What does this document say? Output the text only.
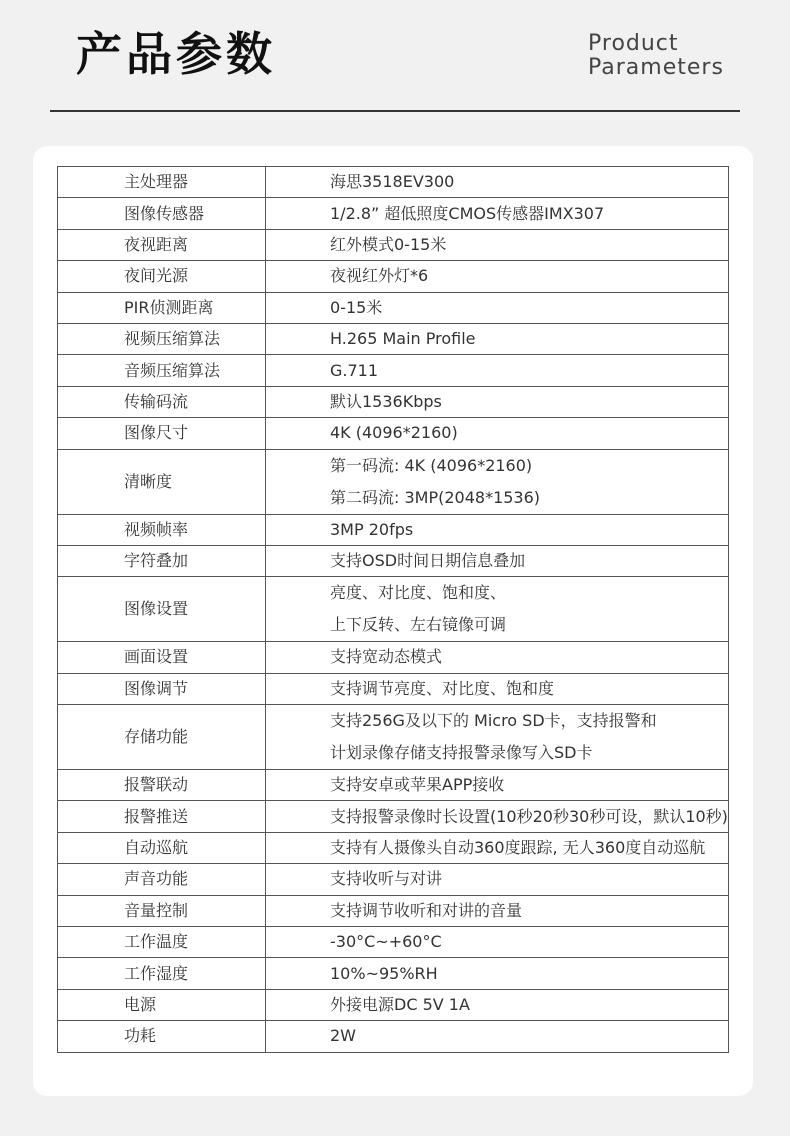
产品参数	Product
Parameters
主处理器	海思3518EV300
图像传感器	1/2.8” 超低照度CMOS传感器IMX307
夜视距离	红外模式0-15米
夜间光源	夜视红外灯*6
PIR侦测距离	0-15米
视频压缩算法	H.265 Main Profile
音频压缩算法	G.711
传输码流	默认1536Kbps
图像尺寸	4K (4096*2160)
清晰度	第一码流: 4K (4096*2160)
第二码流: 3MP(2048*1536)

视频帧率	3MP 20fps
字符叠加	支持OSD时间日期信息叠加
图像设置	亮度、对比度、饱和度、
上下反转、左右镜像可调

画面设置	支持宽动态模式
图像调节	支持调节亮度、对比度、饱和度
存储功能	支持256G及以下的 Micro SD卡，支持报警和
计划录像存储支持报警录像写入SD卡

报警联动	支持安卓或苹果APP接收
报警推送	支持报警录像时长设置(10秒20秒30秒可设，默认10秒)
自动巡航	支持有人摄像头自动360度跟踪, 无人360度自动巡航
声音功能	支持收听与对讲
音量控制	支持调节收听和对讲的音量
工作温度	-30°C~+60°C
工作湿度	10%~95%RH
电源	外接电源DC 5V 1A
功耗	2W
